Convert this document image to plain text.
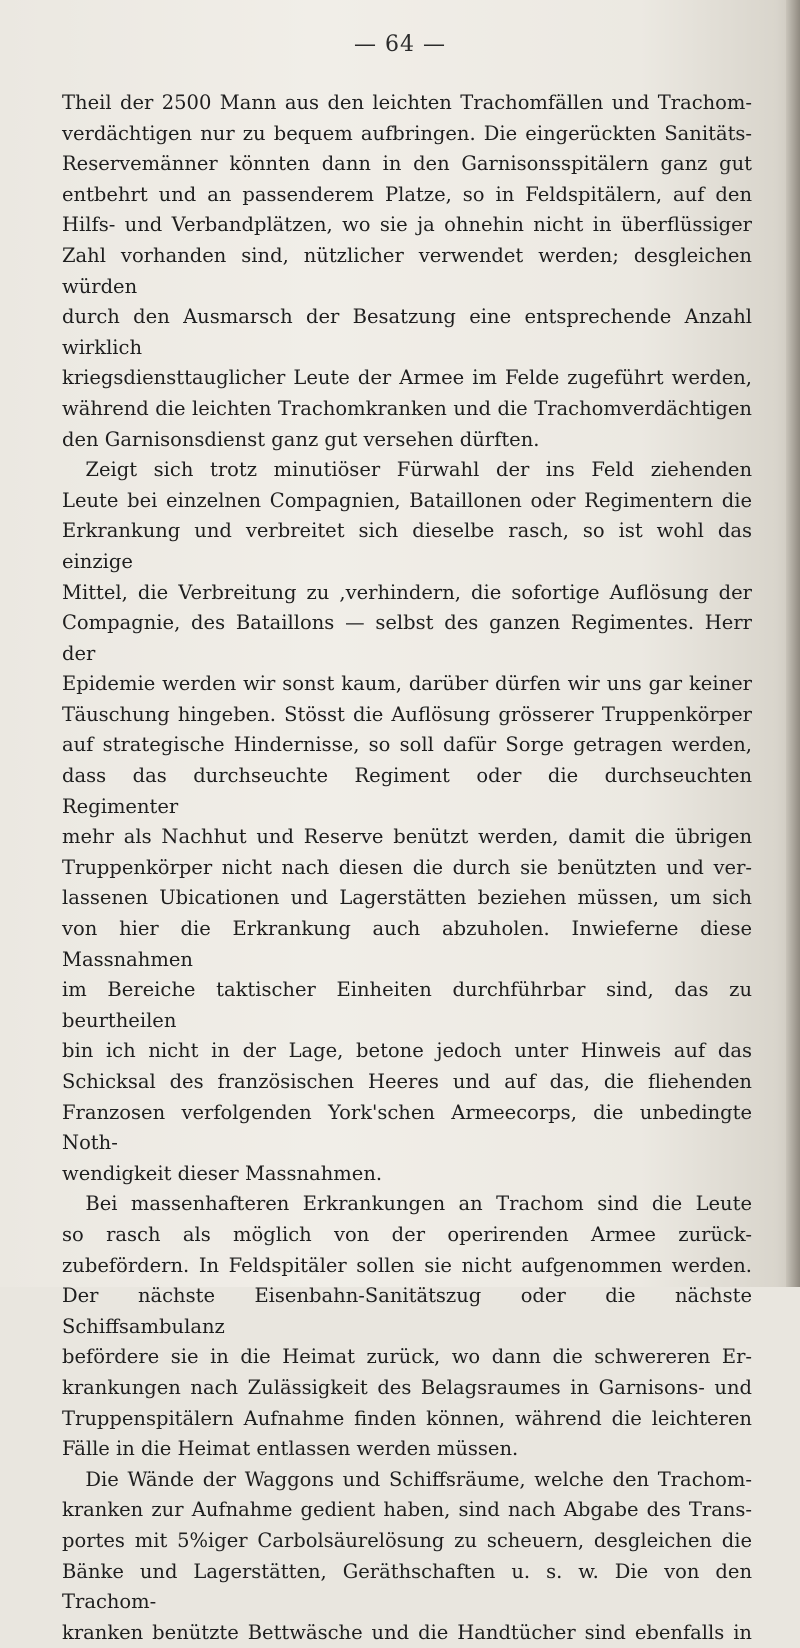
— 64 —

Theil der 2500 Mann aus den leichten Trachomfällen und Trachom-

verdächtigen nur zu bequem aufbringen. Die eingerückten Sanitäts-

Reservemänner könnten dann in den Garnisonsspitälern ganz gut

entbehrt und an passenderem Platze, so in Feldspitälern, auf den

Hilfs- und Verbandplätzen, wo sie ja ohnehin nicht in überflüssiger

Zahl vorhanden sind, nützlicher verwendet werden; desgleichen würden

durch den Ausmarsch der Besatzung eine entsprechende Anzahl wirklich

kriegsdiensttauglicher Leute der Armee im Felde zugeführt werden,

während die leichten Trachomkranken und die Trachomverdächtigen

den Garnisonsdienst ganz gut versehen dürften.

Zeigt sich trotz minutiöser Fürwahl der ins Feld ziehenden

Leute bei einzelnen Compagnien, Bataillonen oder Regimentern die

Erkrankung und verbreitet sich dieselbe rasch, so ist wohl das einzige

Mittel, die Verbreitung zu ,verhindern, die sofortige Auflösung der

Compagnie, des Bataillons — selbst des ganzen Regimentes. Herr der

Epidemie werden wir sonst kaum, darüber dürfen wir uns gar keiner

Täuschung hingeben. Stösst die Auflösung grösserer Truppenkörper

auf strategische Hindernisse, so soll dafür Sorge getragen werden,

dass das durchseuchte Regiment oder die durchseuchten Regimenter

mehr als Nachhut und Reserve benützt werden, damit die übrigen

Truppenkörper nicht nach diesen die durch sie benützten und ver-

lassenen Ubicationen und Lagerstätten beziehen müssen, um sich

von hier die Erkrankung auch abzuholen. Inwieferne diese Massnahmen

im Bereiche taktischer Einheiten durchführbar sind, das zu beurtheilen

bin ich nicht in der Lage, betone jedoch unter Hinweis auf das

Schicksal des französischen Heeres und auf das, die fliehenden

Franzosen verfolgenden York'schen Armeecorps, die unbedingte Noth-

wendigkeit dieser Massnahmen.

Bei massenhafteren Erkrankungen an Trachom sind die Leute

so rasch als möglich von der operirenden Armee zurück-

zubefördern. In Feldspitäler sollen sie nicht aufgenommen werden.

Der nächste Eisenbahn-Sanitätszug oder die nächste Schiffsambulanz

befördere sie in die Heimat zurück, wo dann die schwereren Er-

krankungen nach Zulässigkeit des Belagsraumes in Garnisons- und

Truppenspitälern Aufnahme finden können, während die leichteren

Fälle in die Heimat entlassen werden müssen.

Die Wände der Waggons und Schiffsräume, welche den Trachom-

kranken zur Aufnahme gedient haben, sind nach Abgabe des Trans-

portes mit 5%iger Carbolsäurelösung zu scheuern, desgleichen die

Bänke und Lagerstätten, Geräthschaften u. s. w. Die von den Trachom-

kranken benützte Bettwäsche und die Handtücher sind ebenfalls in
